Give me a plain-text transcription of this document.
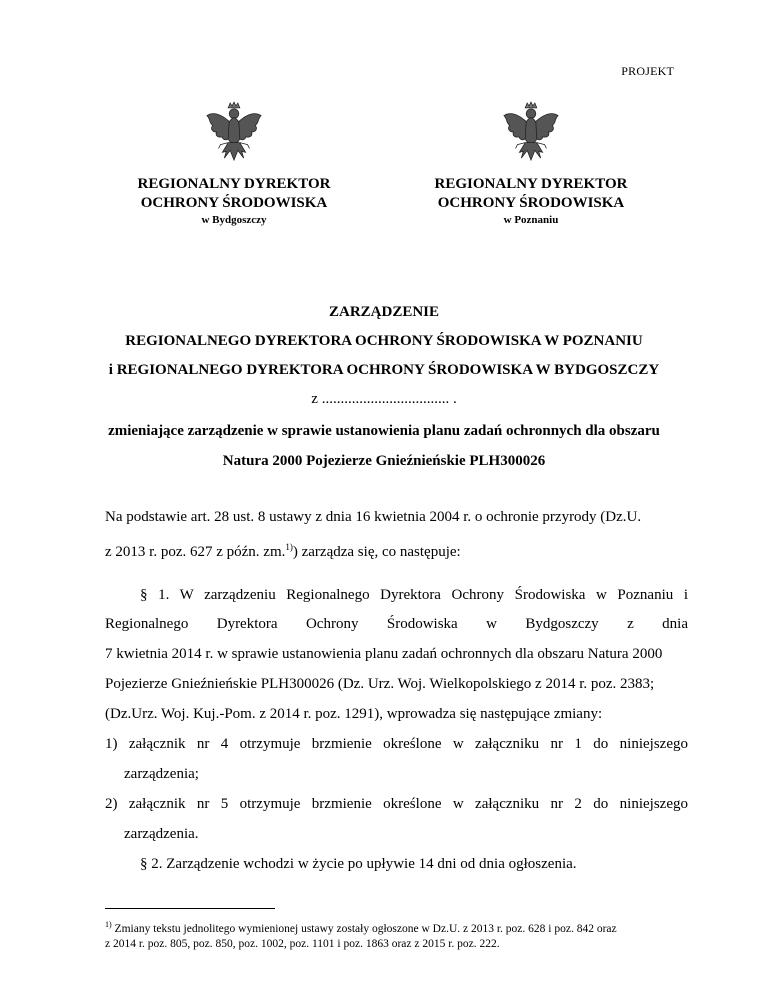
PROJEKT
REGIONALNY DYREKTOR
OCHRONY ŚRODOWISKA
w Bydgoszczy
REGIONALNY DYREKTOR
OCHRONY ŚRODOWISKA
w Poznaniu
ZARZĄDZENIE
REGIONALNEGO DYREKTORA OCHRONY ŚRODOWISKA W POZNANIU
i REGIONALNEGO DYREKTORA OCHRONY ŚRODOWISKA W BYDGOSZCZY
z .................................. .
zmieniające zarządzenie w sprawie ustanowienia planu zadań ochronnych dla obszaru
Natura 2000 Pojezierze Gnieźnieńskie PLH300026
Na podstawie art. 28 ust. 8 ustawy z dnia 16 kwietnia 2004 r. o ochronie przyrody (Dz.U.
z 2013 r. poz. 627 z późn. zm.$^{1)}$) zarządza się, co następuje:
§ 1. W zarządzeniu Regionalnego Dyrektora Ochrony Środowiska w Poznaniu i
Regionalnego Dyrektora Ochrony Środowiska w Bydgoszczy z dnia
7 kwietnia 2014 r. w sprawie ustanowienia planu zadań ochronnych dla obszaru Natura 2000
Pojezierze Gnieźnieńskie PLH300026 (Dz. Urz. Woj. Wielkopolskiego z 2014 r. poz. 2383;
(Dz.Urz. Woj. Kuj.-Pom. z 2014 r. poz. 1291), wprowadza się następujące zmiany:
1) załącznik nr 4 otrzymuje brzmienie określone w załączniku nr 1 do niniejszego
zarządzenia;
2) załącznik nr 5 otrzymuje brzmienie określone w załączniku nr 2 do niniejszego
zarządzenia.
§ 2. Zarządzenie wchodzi w życie po upływie 14 dni od dnia ogłoszenia.
$^{1)}$ Zmiany tekstu jednolitego wymienionej ustawy zostały ogłoszone w Dz.U. z 2013 r. poz. 628 i poz. 842 oraz
z 2014 r. poz. 805, poz. 850, poz. 1002, poz. 1101 i poz. 1863 oraz z 2015 r. poz. 222.
